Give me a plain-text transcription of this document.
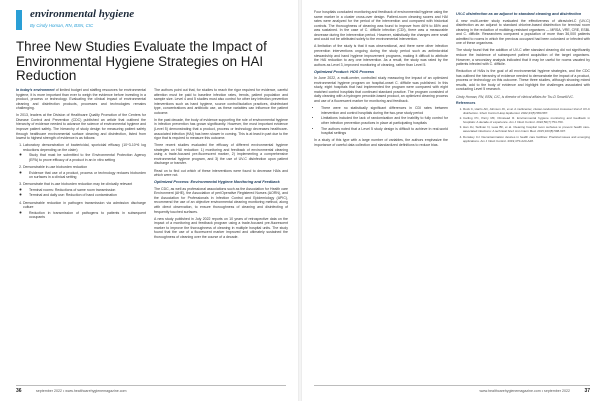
environmental hygiene
By Cindy Homan, RN, BSN, CIC
Three New Studies Evaluate the Impact of Environmental Hygiene Strategies on HAI Reduction

In today's environment of limited budget and staffing resources for environmental hygiene, it is more important than ever to weigh the evidence before investing in a product, process or technology. Evaluating the clinical impact of environmental cleaning and disinfection products, processes and technologies remains challenging.

In 2013, leaders at the Division of Healthcare Quality Promotion of the Centers for Disease Control and Prevention (CDC) published an article that outlined the hierarchy of evidence needed to advance the science of environmental hygiene and improve patient safety. The hierarchy of study design for measuring patient safety through healthcare environmental surface cleaning and disinfection, listed from lowest to highest strength of evidence is as follows:

1. Laboratory demonstration of bactericidal, sporicidal efficacy (10^3-10^6 log reductions depending on the claim)
◦ Study that must be submitted to the Environmental Protection Agency (EPA) to prove efficacy of a product in an in vitro setting
2. Demonstrable in-use bioburden reduction
◦ Evidence that use of a product, process or technology reduces bioburden on surfaces in a clinical setting
3. Demonstrate that in-use bioburden reduction may be clinically relevant
◦ Terminal rooms: Reductions of same room transmission
◦ Terminal and daily use: Reduction of hand contamination
4. Demonstrable reduction in pathogen transmission via admission discharge culture
◦ Reduction in transmission of pathogens to patients in subsequent occupants

The authors point out that, for studies to reach the rigor required for evidence, careful attention must be paid to baseline infection rates, trends, patient population and sample size. Level 4 and 5 studies must also control for other key infection prevention interventions such as hand hygiene, source control/isolation practices, disinfectant type, concentrations and antibiotic use, as these variables can influence the patient outcome.

In the past decade, the body of evidence supporting the role of environmental hygiene in infection prevention has grown significantly. However, the most important evidence (Level 5) demonstrating that a product, process or technology decreases healthcare-associated infection (HAI) has been slower in coming. This is at least in part due to the rigor that is required to measure this outcome.

Three recent studies evaluated the efficacy of different environmental hygiene strategies on HAI reduction: 1) monitoring and feedback of environmental cleaning using a trade-focused pre-fluorescent marker, 2) implementing a comprehensive environmental hygiene program, and 3) the use of UV-C disinfection upon patient discharge or transfer.

Read on to find out which of these interventions were found to decrease HAIs and which were not.

Optimized Process: Environmental Hygiene Monitoring and Feedback

The CDC, as well as professional associations such as the Association for Health care Environment (AHE), the Association of periOperative Registered Nurses (AORN), and the Association for Professionals in Infection Control and Epidemiology (APIC), recommend the use of an objective environmental cleaning monitoring method, along with direct observation, to ensure thoroughness of cleaning and disinfecting of frequently touched surfaces.

A new study published in July 2022 reports on 10 years of retrospective data on the impact of a monitoring and feedback program using a trade-focused pre-fluorescent marker to improve the thoroughness of cleaning in multiple hospital units. The study found that the use of a fluorescent marker improved and ultimately sustained the thoroughness of cleaning over the course of a decade.

36	september 2022 • www.healthcarehygienemagazine.com

Four hospitals conducted monitoring and feedback of environmental hygiene using the same marker in a cluster cross-over design. Patient-room cleaning scores and HAI rates were analyzed for the period of the intervention and compared with historical controls. The thoroughness of cleaning was found to improve from 46% to 85% and was sustained. In the case of C. difficile infection (CDI), there was a measurable decrease during the intervention period. However, statistically the changes were small and could not be attributed solely to the environmental intervention.

A limitation of the study is that it was observational, and there were other infection prevention interventions ongoing during the study period such as antimicrobial stewardship and hand hygiene improvement programs, making it difficult to attribute the HAI reduction to any one intervention. As a result, the study was rated by the authors as Level 3, improved monitoring of cleaning, rather than Level 5.

Optimized Product: HOS Process

In June 2022, a multi-center, controlled study measuring the impact of an optimized environmental hygiene program on hospital-onset C. difficile was published. In this study, eight hospitals that had implemented the program were compared with eight matched control hospitals that continued standard practice. The program consisted of daily cleaning with a hydrogen peroxide-based product, an optimized cleaning process and use of a fluorescent marker for monitoring and feedback.

• There were no statistically significant differences in CDI rates between intervention and control hospitals during the two-year study period
• Limitations included the lack of randomization and the inability to fully control for other infection prevention practices in place at participating hospitals
• The authors noted that a Level 5 study design is difficult to achieve in real-world hospital settings

In a study of this type with a large number of variables, the authors emphasize the importance of careful data collection and standardized definitions to reduce bias.

UV-C disinfection as an adjunct to standard cleaning and disinfection

A new multi-center study evaluated the effectiveness of ultraviolet-C (UV-C) disinfection as an adjunct to standard chlorine-based disinfection for terminal room cleaning in the reduction of multidrug-resistant organisms — MRSA, VRE, CRE, ESBL and C. difficile. Researchers compared a population of more than 36,000 patients admitted to rooms in which the previous occupant had been colonized or infected with one of these organisms.

The study found that the addition of UV-C after standard cleaning did not significantly reduce the incidence of subsequent patient acquisition of the target organisms. However, a secondary analysis indicated that it may be useful for rooms vacated by patients infected with C. difficile.

Reduction of HAIs is the goal of all environmental hygiene strategies, and the CDC has outlined the hierarchy of evidence needed to demonstrate the impact of a product, process or technology on this outcome. These three studies, although showing mixed results, add to the body of evidence and highlight the challenges associated with conducting Level 5 research.

Cindy Homan, RN, BSN, CIC, is director of clinical affairs for Tru-D SmartUVC.

References
1. Rock C, Harris AD, Johnson JK, et al. A multicenter, cluster-randomized crossover trial of UV-C disinfection. Infect Control Hosp Epidemiol. 2022;43(5):580-587.
2. Carling PC, Parry MF, Olmstead R. Environmental hygiene monitoring and feedback in hospitals: A decade of experience. Am J Infect Control. 2022;50(7):754-760.
3. Han JH, Sullivan N, Leas BF, et al. Cleaning hospital room surfaces to prevent health care-associated infections: A technical brief. Ann Intern Med. 2015;163(8):598-607.
4. Donskey CJ. Decontamination devices in health care facilities: Practical issues and emerging applications. Am J Infect Control. 2019;47S:A23-A28.
www.healthcarehygienemagazine.com • september 2022	37
